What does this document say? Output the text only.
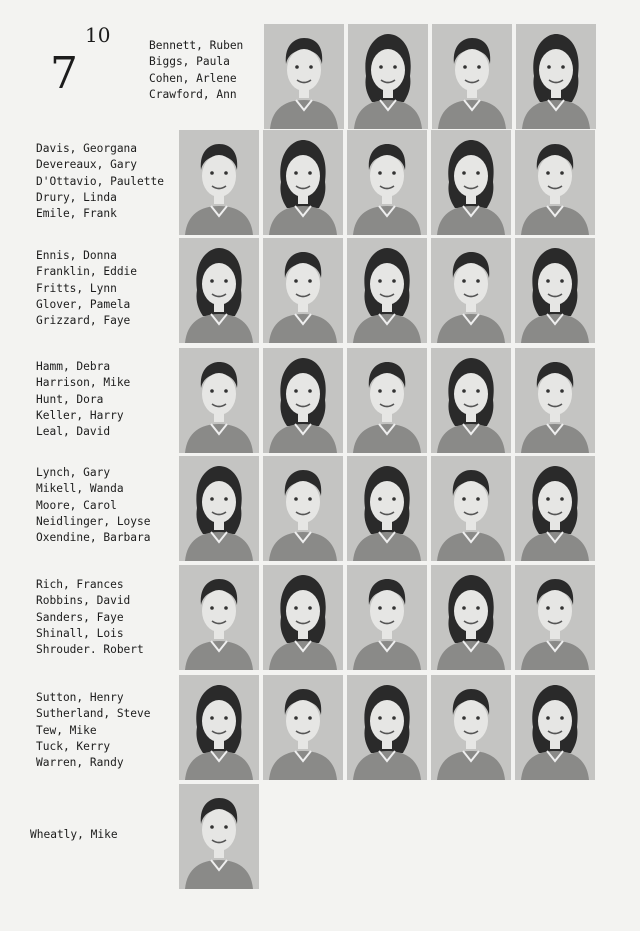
10
7
Bennett, Ruben
Biggs, Paula
Cohen, Arlene
Crawford, Ann
Davis, Georgana
Devereaux, Gary
D'Ottavio, Paulette
Drury, Linda
Emile, Frank
Ennis, Donna
Franklin, Eddie
Fritts, Lynn
Glover, Pamela
Grizzard, Faye
Hamm, Debra
Harrison, Mike
Hunt, Dora
Keller, Harry
Leal, David
Lynch, Gary
Mikell, Wanda
Moore, Carol
Neidlinger, Loyse
Oxendine, Barbara
Rich, Frances
Robbins, David
Sanders, Faye
Shinall, Lois
Shrouder. Robert
Sutton, Henry
Sutherland, Steve
Tew, Mike
Tuck, Kerry
Warren, Randy
Wheatly, Mike
